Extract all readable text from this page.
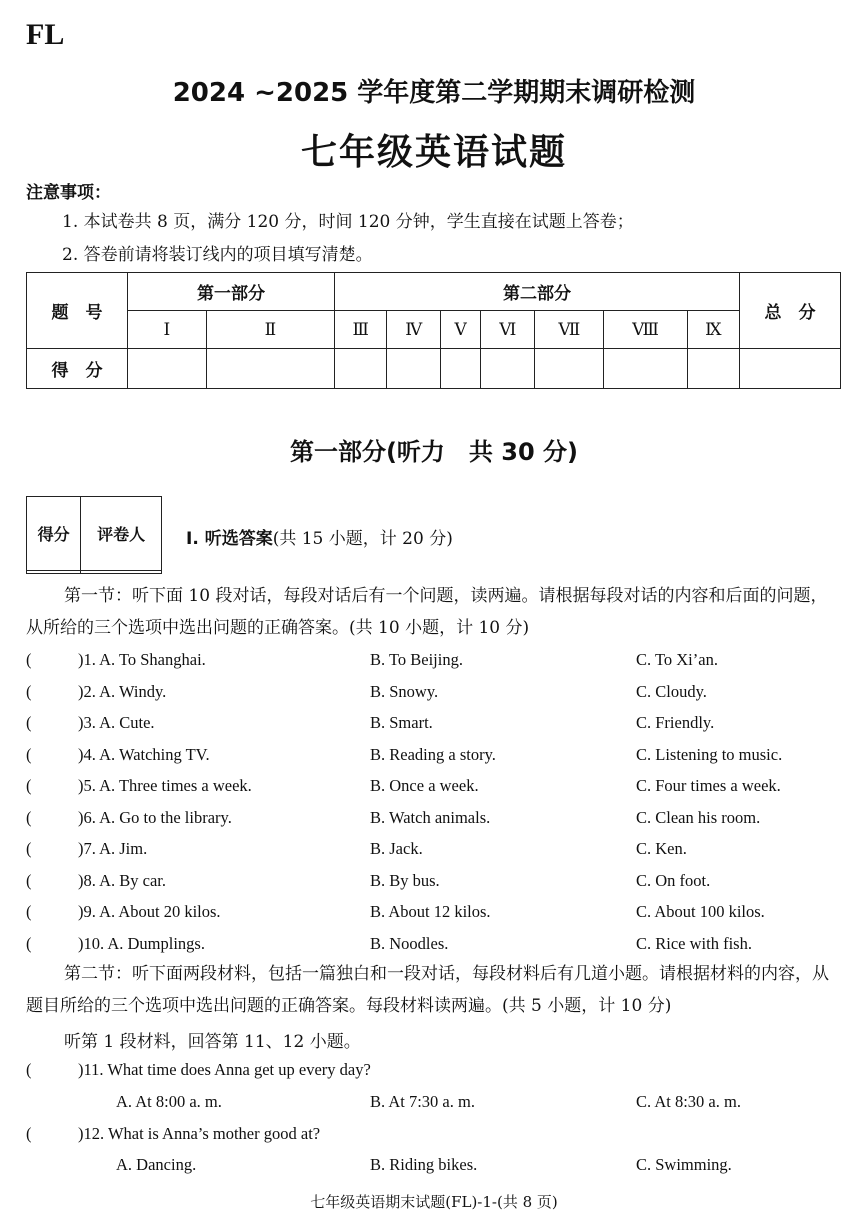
FL
2024 ~2025 学年度第二学期期末调研检测
七年级英语试题
注意事项：
1. 本试卷共 8 页，满分 120 分，时间 120 分钟，学生直接在试题上答卷；
2. 答卷前请将装订线内的项目填写清楚。
题　号	第一部分		第二部分							总　分
	Ⅰ	Ⅱ	Ⅲ	Ⅳ	Ⅴ	Ⅵ	Ⅶ	Ⅷ	Ⅸ	
得　分										
第一部分(听力　共 30 分)
得分	评卷人
	Ⅰ. 听选答案(共 15 小题，计 20 分)
第一节：听下面 10 段对话，每段对话后有一个问题，读两遍。请根据每段对话的内容和后面的问题，从所给的三个选项中选出问题的正确答案。(共 10 小题，计 10 分)
(	)1. A. To Shanghai.	B. To Beijing.	C. To Xi’an.
(	)2. A. Windy.	B. Snowy.	C. Cloudy.
(	)3. A. Cute.	B. Smart.	C. Friendly.
(	)4. A. Watching TV.	B. Reading a story.	C. Listening to music.
(	)5. A. Three times a week.	B. Once a week.	C. Four times a week.
(	)6. A. Go to the library.	B. Watch animals.	C. Clean his room.
(	)7. A. Jim.	B. Jack.	C. Ken.
(	)8. A. By car.	B. By bus.	C. On foot.
(	)9. A. About 20 kilos.	B. About 12 kilos.	C. About 100 kilos.
(	)10. A. Dumplings.	B. Noodles.	C. Rice with fish.
第二节：听下面两段材料，包括一篇独白和一段对话，每段材料后有几道小题。请根据材料的内容，从题目所给的三个选项中选出问题的正确答案。每段材料读两遍。(共 5 小题，计 10 分)
听第 1 段材料，回答第 11、12 小题。
(	)11. What time does Anna get up every day?
A. At 8:00 a. m.	B. At 7:30 a. m.	C. At 8:30 a. m.
(	)12. What is Anna’s mother good at?
A. Dancing.	B. Riding bikes.	C. Swimming.
七年级英语期末试题(FL)-1-(共 8 页)
